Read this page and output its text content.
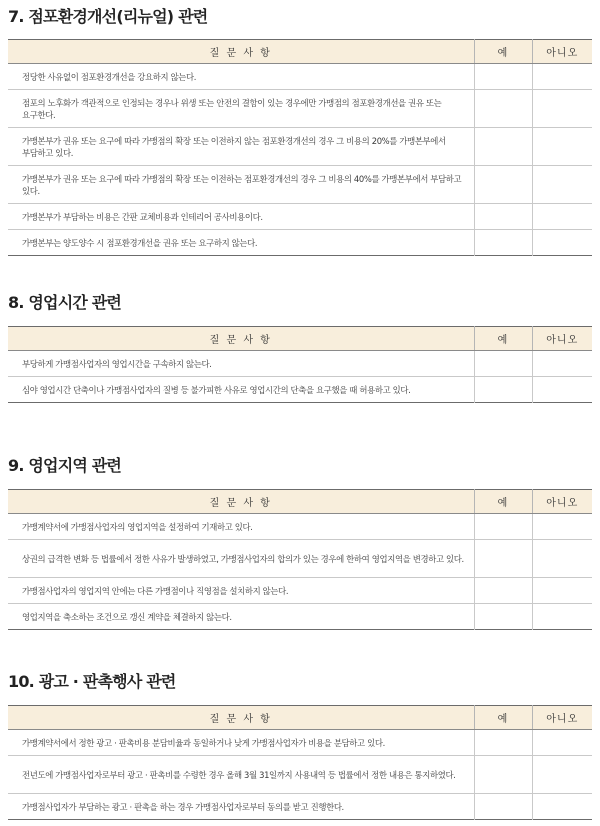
7. 점포환경개선(리뉴얼) 관련
질 문 사 항	예	아니오
정당한 사유없이 점포환경개선을 강요하지 않는다.		
점포의 노후화가 객관적으로 인정되는 경우나 위생 또는 안전의 결함이 있는 경우에만 가맹점의 점포환경개선을 권유 또는 요구한다.		
가맹본부가 권유 또는 요구에 따라 가맹점의 확장 또는 이전하지 않는 점포환경개선의 경우 그 비용의 20%를 가맹본부에서 부담하고 있다.		
가맹본부가 권유 또는 요구에 따라 가맹점의 확장 또는 이전하는 점포환경개선의 경우 그 비용의 40%를 가맹본부에서 부담하고 있다.		
가맹본부가 부담하는 비용은 간판 교체비용과 인테리어 공사비용이다.		
가맹본부는 양도양수 시 점포환경개선을 권유 또는 요구하지 않는다.		
8. 영업시간 관련
질 문 사 항	예	아니오
부당하게 가맹점사업자의 영업시간을 구속하지 않는다.		
심야 영업시간 단축이나 가맹점사업자의 질병 등 불가피한 사유로 영업시간의 단축을 요구했을 때 허용하고 있다.		
9. 영업지역 관련
질 문 사 항	예	아니오
가맹계약서에 가맹점사업자의 영업지역을 설정하여 기재하고 있다.		
상권의 급격한 변화 등 법률에서 정한 사유가 발생하였고, 가맹점사업자의 합의가 있는 경우에 한하여 영업지역을 변경하고 있다.		
가맹점사업자의 영업지역 안에는 다른 가맹점이나 직영점을 설치하지 않는다.		
영업지역을 축소하는 조건으로 갱신 계약을 체결하지 않는다.		
10. 광고 · 판촉행사 관련
질 문 사 항	예	아니오
가맹계약서에서 정한 광고 · 판촉비용 분담비율과 동일하거나 낮게 가맹점사업자가 비용을 분담하고 있다.		
전년도에 가맹점사업자로부터 광고 · 판촉비를 수령한 경우 올해 3월 31일까지 사용내역 등 법률에서 정한 내용은 통지하였다.		
가맹점사업자가 부담하는 광고 · 판촉을 하는 경우 가맹점사업자로부터 동의를 받고 진행한다.		
